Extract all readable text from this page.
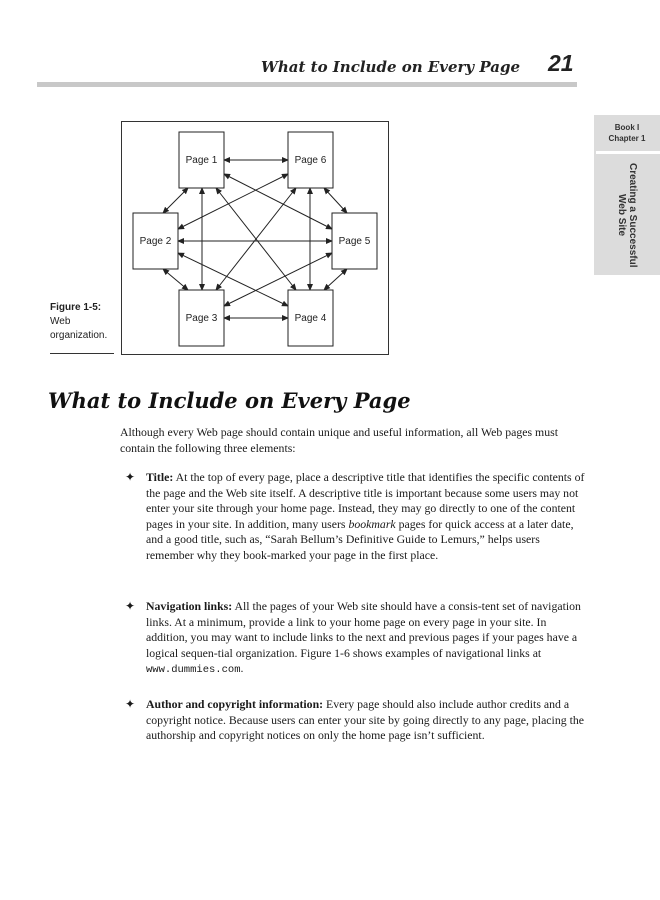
What to Include on Every Page 21
Book I
Chapter 1
Creating a Successful Web Site
Page 1	Page 6
Page 2	Page 5
Page 3	Page 4
Figure 1-5:
Web organization.
What to Include on Every Page
Although every Web page should contain unique and useful information, all Web pages must contain the following three elements:
✦ Title: At the top of every page, place a descriptive title that identifies the specific contents of the page and the Web site itself. A descriptive title is important because some users may not enter your site through your home page. Instead, they may go directly to one of the content pages in your site. In addition, many users bookmark pages for quick access at a later date, and a good title, such as, “Sarah Bellum’s Definitive Guide to Lemurs,” helps users remember why they book-marked your page in the first place.
✦ Navigation links: All the pages of your Web site should have a consis-tent set of navigation links. At a minimum, provide a link to your home page on every page in your site. In addition, you may want to include links to the next and previous pages if your pages have a logical sequen-tial organization. Figure 1-6 shows examples of navigational links at www.dummies.com.
✦ Author and copyright information: Every page should also include author credits and a copyright notice. Because users can enter your site by going directly to any page, placing the authorship and copyright notices on only the home page isn’t sufficient.
